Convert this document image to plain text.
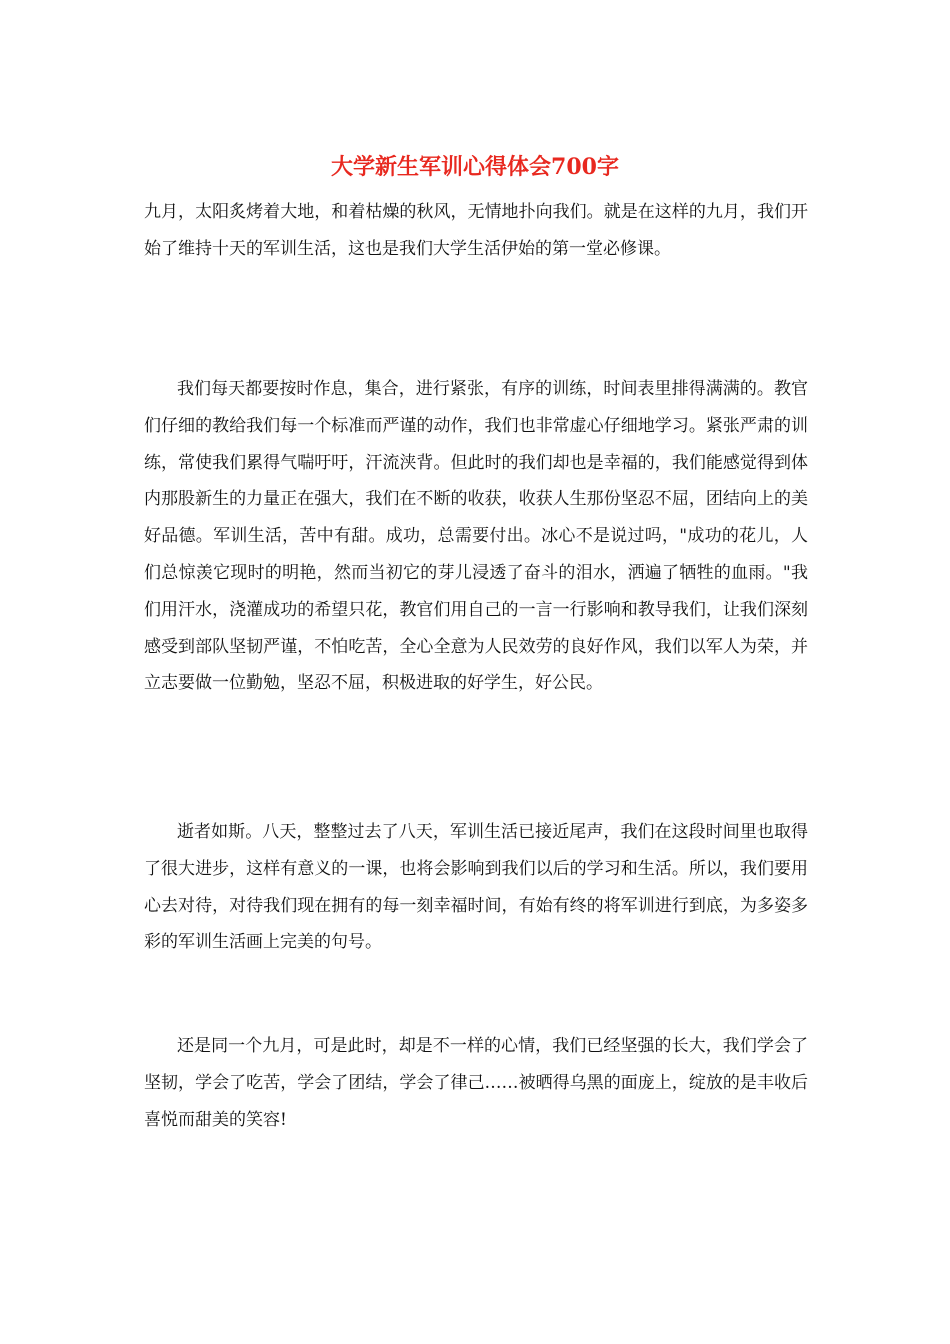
大学新生军训心得体会700字

九月，太阳炙烤着大地，和着枯燥的秋风，无情地扑向我们。就是在这样的九月，我们开始了维持十天的军训生活，这也是我们大学生活伊始的第一堂必修课。

我们每天都要按时作息，集合，进行紧张，有序的训练，时间表里排得满满的。教官们仔细的教给我们每一个标准而严谨的动作，我们也非常虚心仔细地学习。紧张严肃的训练，常使我们累得气喘吁吁，汗流浃背。但此时的我们却也是幸福的，我们能感觉得到体内那股新生的力量正在强大，我们在不断的收获，收获人生那份坚忍不屈，团结向上的美好品德。军训生活，苦中有甜。成功，总需要付出。冰心不是说过吗，"成功的花儿，人们总惊羡它现时的明艳，然而当初它的芽儿浸透了奋斗的泪水，洒遍了牺牲的血雨。"我们用汗水，浇灌成功的希望只花，教官们用自己的一言一行影响和教导我们，让我们深刻感受到部队坚韧严谨，不怕吃苦，全心全意为人民效劳的良好作风，我们以军人为荣，并立志要做一位勤勉，坚忍不屈，积极进取的好学生，好公民。

逝者如斯。八天，整整过去了八天，军训生活已接近尾声，我们在这段时间里也取得了很大进步，这样有意义的一课，也将会影响到我们以后的学习和生活。所以，我们要用心去对待，对待我们现在拥有的每一刻幸福时间，有始有终的将军训进行到底，为多姿多彩的军训生活画上完美的句号。

还是同一个九月，可是此时，却是不一样的心情，我们已经坚强的长大，我们学会了坚韧，学会了吃苦，学会了团结，学会了律己……被晒得乌黑的面庞上，绽放的是丰收后喜悦而甜美的笑容!
